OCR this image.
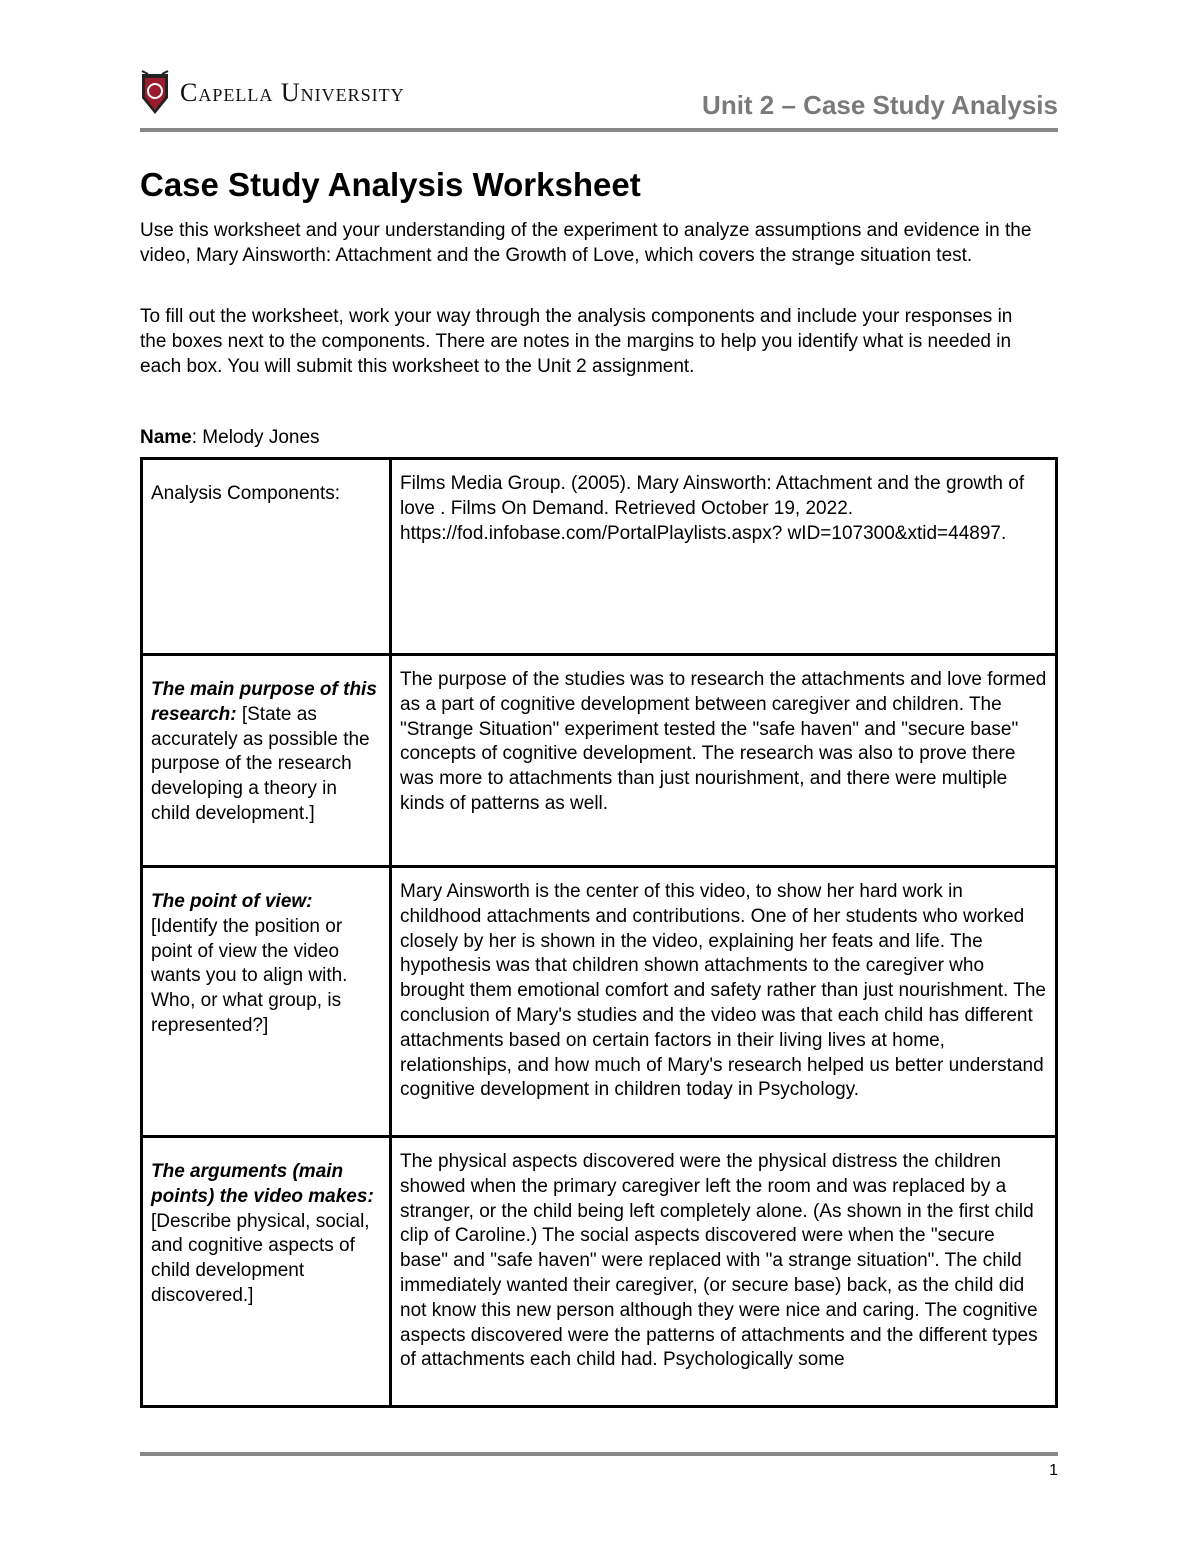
Capella University	Unit 2 – Case Study Analysis
Case Study Analysis Worksheet

Use this worksheet and your understanding of the experiment to analyze assumptions and evidence in the video, Mary Ainsworth: Attachment and the Growth of Love, which covers the strange situation test.

To fill out the worksheet, work your way through the analysis components and include your responses in the boxes next to the components. There are notes in the margins to help you identify what is needed in each box. You will submit this worksheet to the Unit 2 assignment.

Name: Melody Jones
Analysis Components:	Films Media Group. (2005). Mary Ainsworth: Attachment and the growth of love . Films On Demand. Retrieved October 19, 2022. https://fod.infobase.com/PortalPlaylists.aspx? wID=107300&xtid=44897.
The main purpose of this research: [State as accurately as possible the purpose of the research developing a theory in child development.]	The purpose of the studies was to research the attachments and love formed as a part of cognitive development between caregiver and children. The "Strange Situation" experiment tested the "safe haven" and "secure base" concepts of cognitive development. The research was also to prove there was more to attachments than just nourishment, and there were multiple kinds of patterns as well.
The point of view: [Identify the position or point of view the video wants you to align with. Who, or what group, is represented?]	Mary Ainsworth is the center of this video, to show her hard work in childhood attachments and contributions. One of her students who worked closely by her is shown in the video, explaining her feats and life. The hypothesis was that children shown attachments to the caregiver who brought them emotional comfort and safety rather than just nourishment. The conclusion of Mary's studies and the video was that each child has different attachments based on certain factors in their living lives at home, relationships, and how much of Mary's research helped us better understand cognitive development in children today in Psychology.
The arguments (main points) the video makes: [Describe physical, social, and cognitive aspects of child development discovered.]	The physical aspects discovered were the physical distress the children showed when the primary caregiver left the room and was replaced by a stranger, or the child being left completely alone. (As shown in the first child clip of Caroline.) The social aspects discovered were when the "secure base" and "safe haven" were replaced with "a strange situation". The child immediately wanted their caregiver, (or secure base) back, as the child did not know this new person although they were nice and caring. The cognitive aspects discovered were the patterns of attachments and the different types of attachments each child had. Psychologically some
1
